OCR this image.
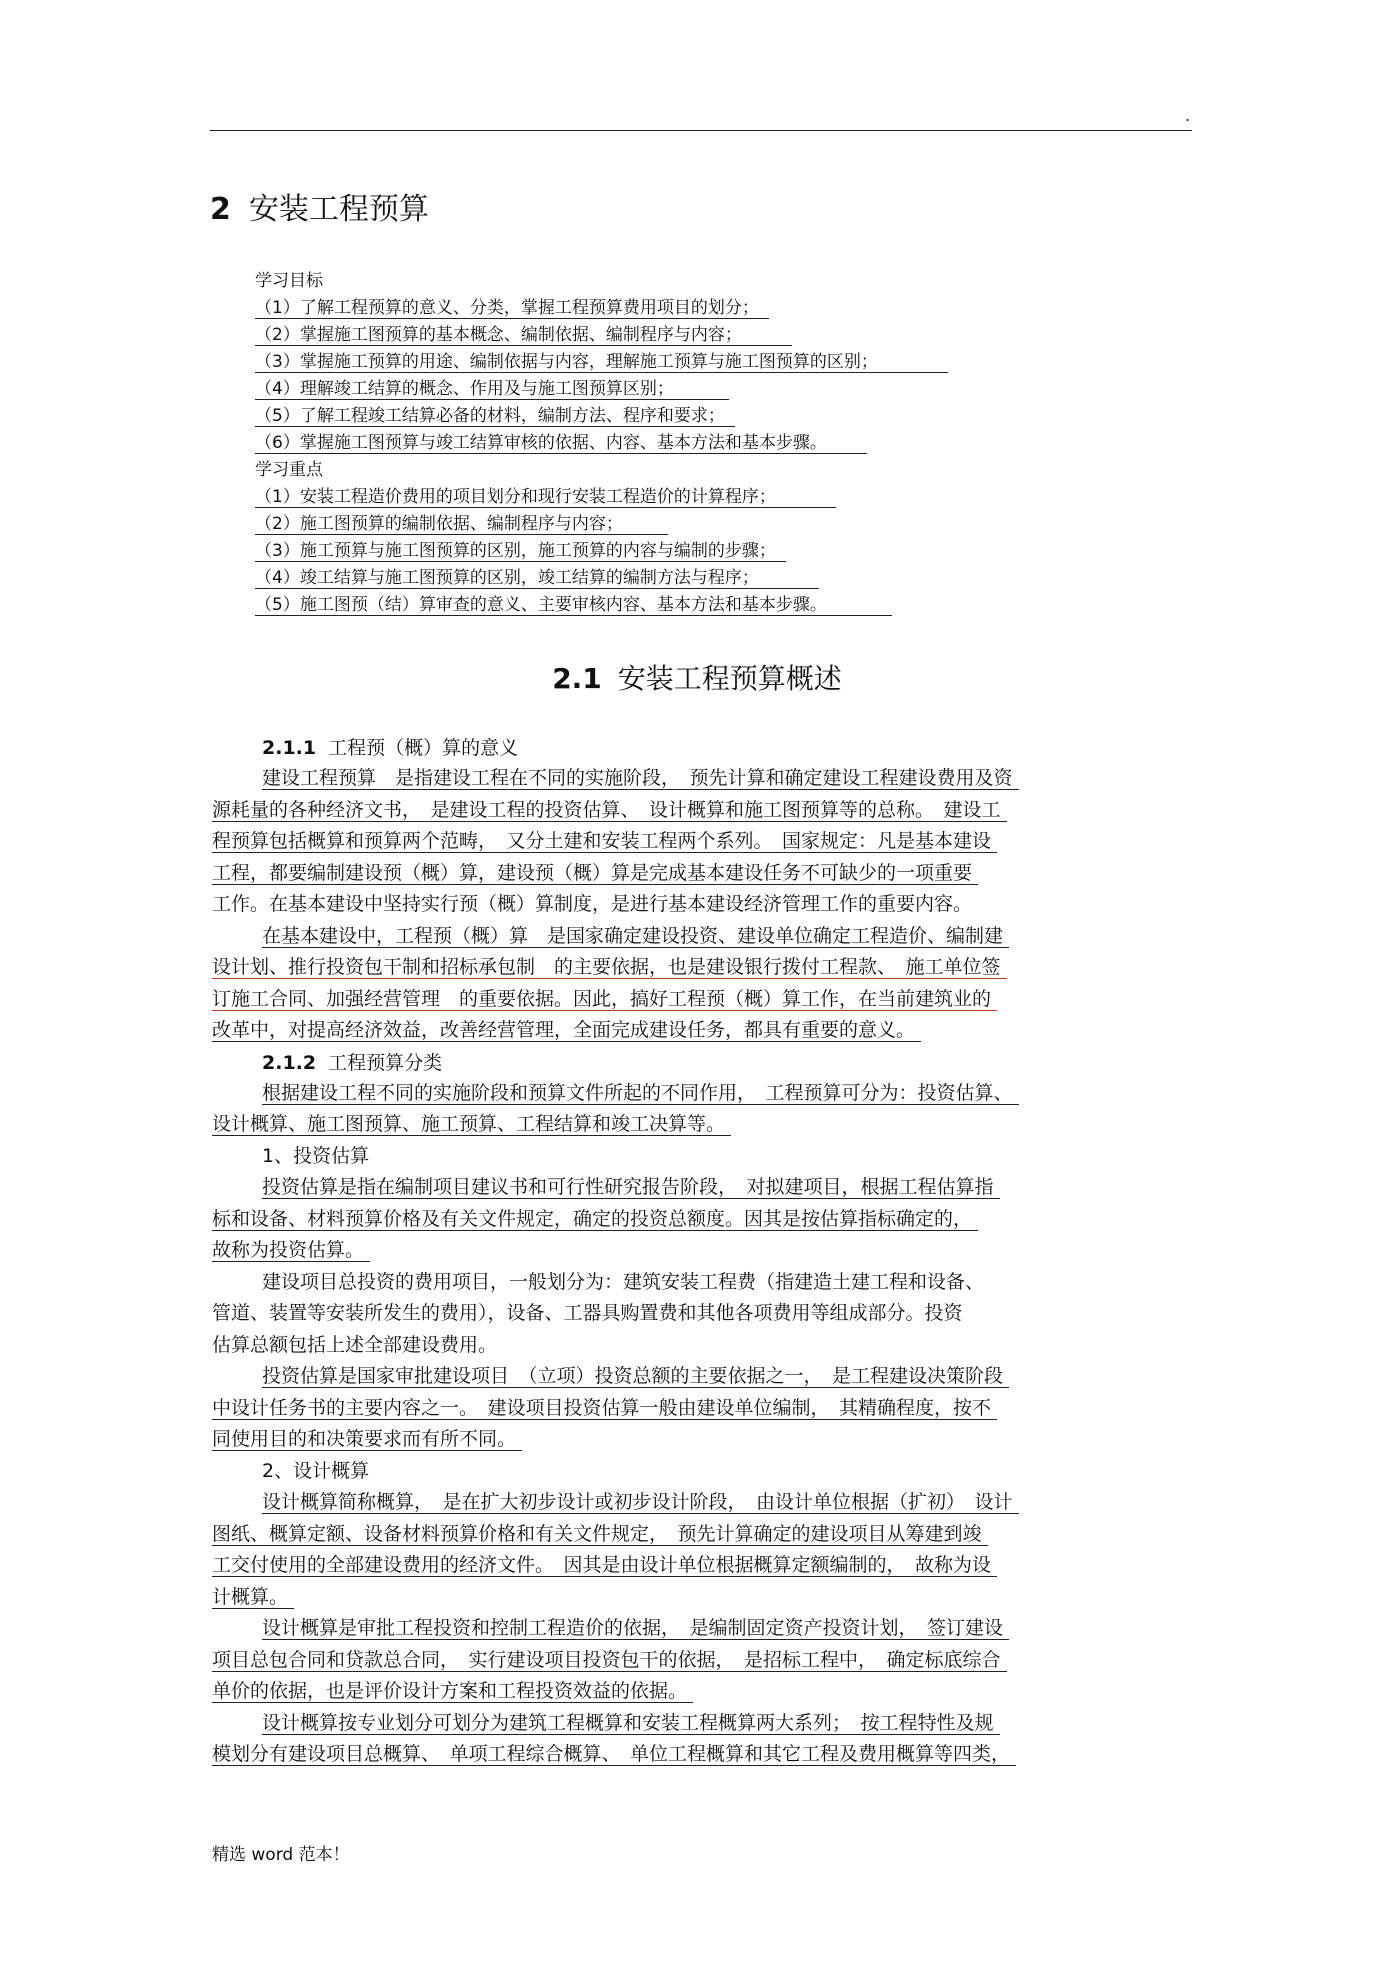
.
2 安装工程预算
学习目标
（1）了解工程预算的意义、分类，掌握工程预算费用项目的划分；
（2）掌握施工图预算的基本概念、编制依据、编制程序与内容；
（3）掌握施工预算的用途、编制依据与内容，理解施工预算与施工图预算的区别；
（4）理解竣工结算的概念、作用及与施工图预算区别；
（5）了解工程竣工结算必备的材料，编制方法、程序和要求；
（6）掌握施工图预算与竣工结算审核的依据、内容、基本方法和基本步骤。
学习重点
（1）安装工程造价费用的项目划分和现行安装工程造价的计算程序；
（2）施工图预算的编制依据、编制程序与内容；
（3）施工预算与施工图预算的区别，施工预算的内容与编制的步骤；
（4）竣工结算与施工图预算的区别，竣工结算的编制方法与程序；
（5）施工图预（结）算审查的意义、主要审核内容、基本方法和基本步骤。
2.1 安装工程预算概述
2.1.1 工程预（概）算的意义
建设工程预算　是指建设工程在不同的实施阶段，　预先计算和确定建设工程建设费用及资
源耗量的各种经济文书，　是建设工程的投资估算、　设计概算和施工图预算等的总称。　建设工
程预算包括概算和预算两个范畴，　又分土建和安装工程两个系列。　国家规定：凡是基本建设
工程，都要编制建设预（概）算，建设预（概）算是完成基本建设任务不可缺少的一项重要
工作。在基本建设中坚持实行预（概）算制度，是进行基本建设经济管理工作的重要内容。
在基本建设中，工程预（概）算　是国家确定建设投资、建设单位确定工程造价、编制建
设计划、推行投资包干制和招标承包制　的主要依据，也是建设银行拨付工程款、　施工单位签
订施工合同、加强经营管理　的重要依据。因此，搞好工程预（概）算工作，在当前建筑业的
改革中，对提高经济效益，改善经营管理，全面完成建设任务，都具有重要的意义。
2.1.2 工程预算分类
根据建设工程不同的实施阶段和预算文件所起的不同作用，　工程预算可分为：投资估算、
设计概算、施工图预算、施工预算、工程结算和竣工决算等。
1、投资估算
投资估算是指在编制项目建议书和可行性研究报告阶段，　对拟建项目，根据工程估算指
标和设备、材料预算价格及有关文件规定，确定的投资总额度。因其是按估算指标确定的，
故称为投资估算。
建设项目总投资的费用项目，一般划分为：建筑安装工程费（指建造土建工程和设备、
管道、装置等安装所发生的费用），设备、工器具购置费和其他各项费用等组成部分。投资
估算总额包括上述全部建设费用。
投资估算是国家审批建设项目　（立项）投资总额的主要依据之一，　是工程建设决策阶段
中设计任务书的主要内容之一。　建设项目投资估算一般由建设单位编制，　其精确程度，按不
同使用目的和决策要求而有所不同。
2、设计概算
设计概算简称概算，　是在扩大初步设计或初步设计阶段，　由设计单位根据（扩初）　设计
图纸、概算定额、设备材料预算价格和有关文件规定，　预先计算确定的建设项目从筹建到竣
工交付使用的全部建设费用的经济文件。　因其是由设计单位根据概算定额编制的，　故称为设
计概算。
设计概算是审批工程投资和控制工程造价的依据，　是编制固定资产投资计划，　签订建设
项目总包合同和贷款总合同，　实行建设项目投资包干的依据，　是招标工程中，　确定标底综合
单价的依据，也是评价设计方案和工程投资效益的依据。
设计概算按专业划分可划分为建筑工程概算和安装工程概算两大系列；　按工程特性及规
模划分有建设项目总概算、　单项工程综合概算、　单位工程概算和其它工程及费用概算等四类，
精选 word 范本！
